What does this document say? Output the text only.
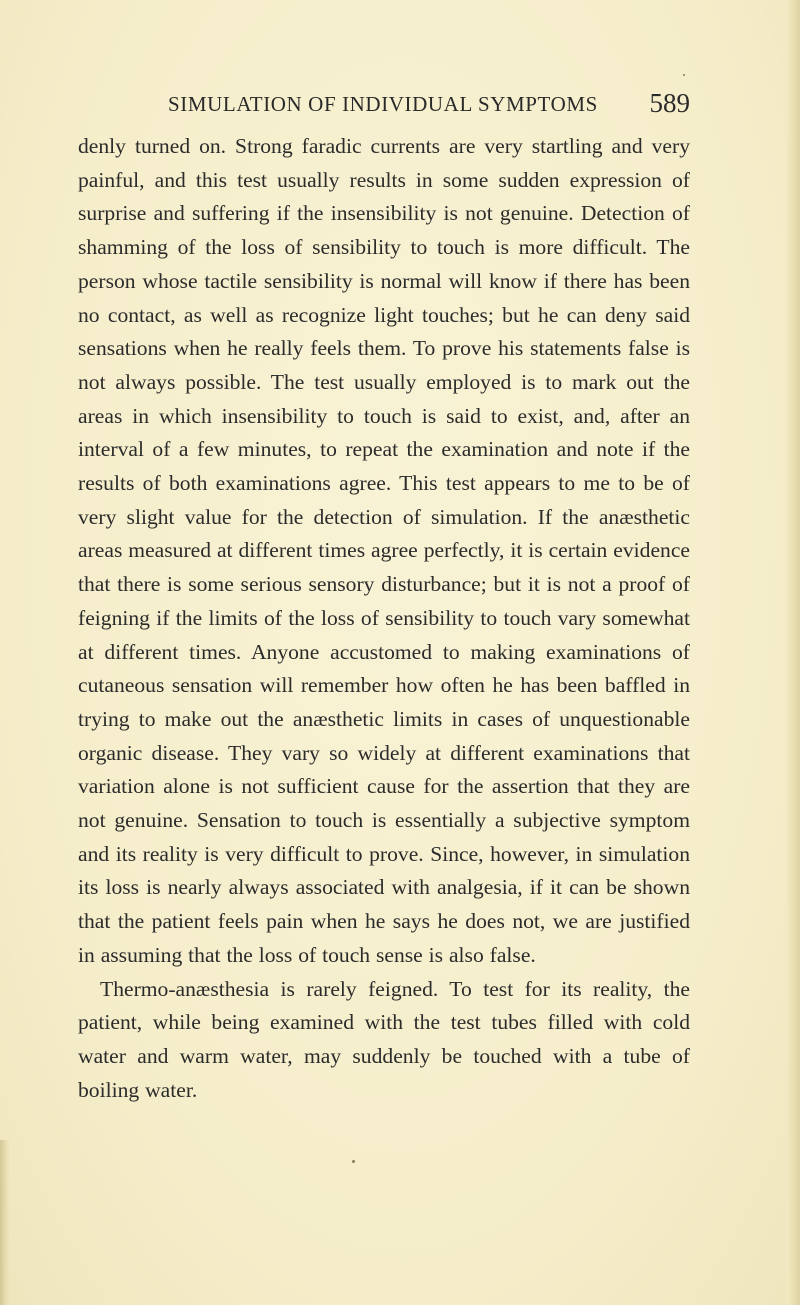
SIMULATION OF INDIVIDUAL SYMPTOMS 589

denly turned on. Strong faradic currents are very startling and very painful, and this test usually results in some sudden expression of surprise and suffering if the insensibility is not genuine. Detection of shamming of the loss of sensibility to touch is more difficult. The person whose tactile sensibility is normal will know if there has been no contact, as well as recognize light touches; but he can deny said sensations when he really feels them. To prove his statements false is not always possible. The test usually employed is to mark out the areas in which insensibility to touch is said to exist, and, after an interval of a few minutes, to repeat the examination and note if the results of both examinations agree. This test appears to me to be of very slight value for the detection of simulation. If the anæsthetic areas measured at different times agree perfectly, it is certain evidence that there is some serious sensory disturbance; but it is not a proof of feigning if the limits of the loss of sensibility to touch vary somewhat at different times. Anyone accustomed to making examinations of cutaneous sensation will remember how often he has been baffled in trying to make out the anæsthetic limits in cases of unquestionable organic disease. They vary so widely at different examinations that variation alone is not sufficient cause for the assertion that they are not genuine. Sensation to touch is essentially a subjective symptom and its reality is very difficult to prove. Since, however, in simulation its loss is nearly always associated with analgesia, if it can be shown that the patient feels pain when he says he does not, we are justified in assuming that the loss of touch sense is also false.

Thermo-anæsthesia is rarely feigned. To test for its reality, the patient, while being examined with the test tubes filled with cold water and warm water, may suddenly be touched with a tube of boiling water.
